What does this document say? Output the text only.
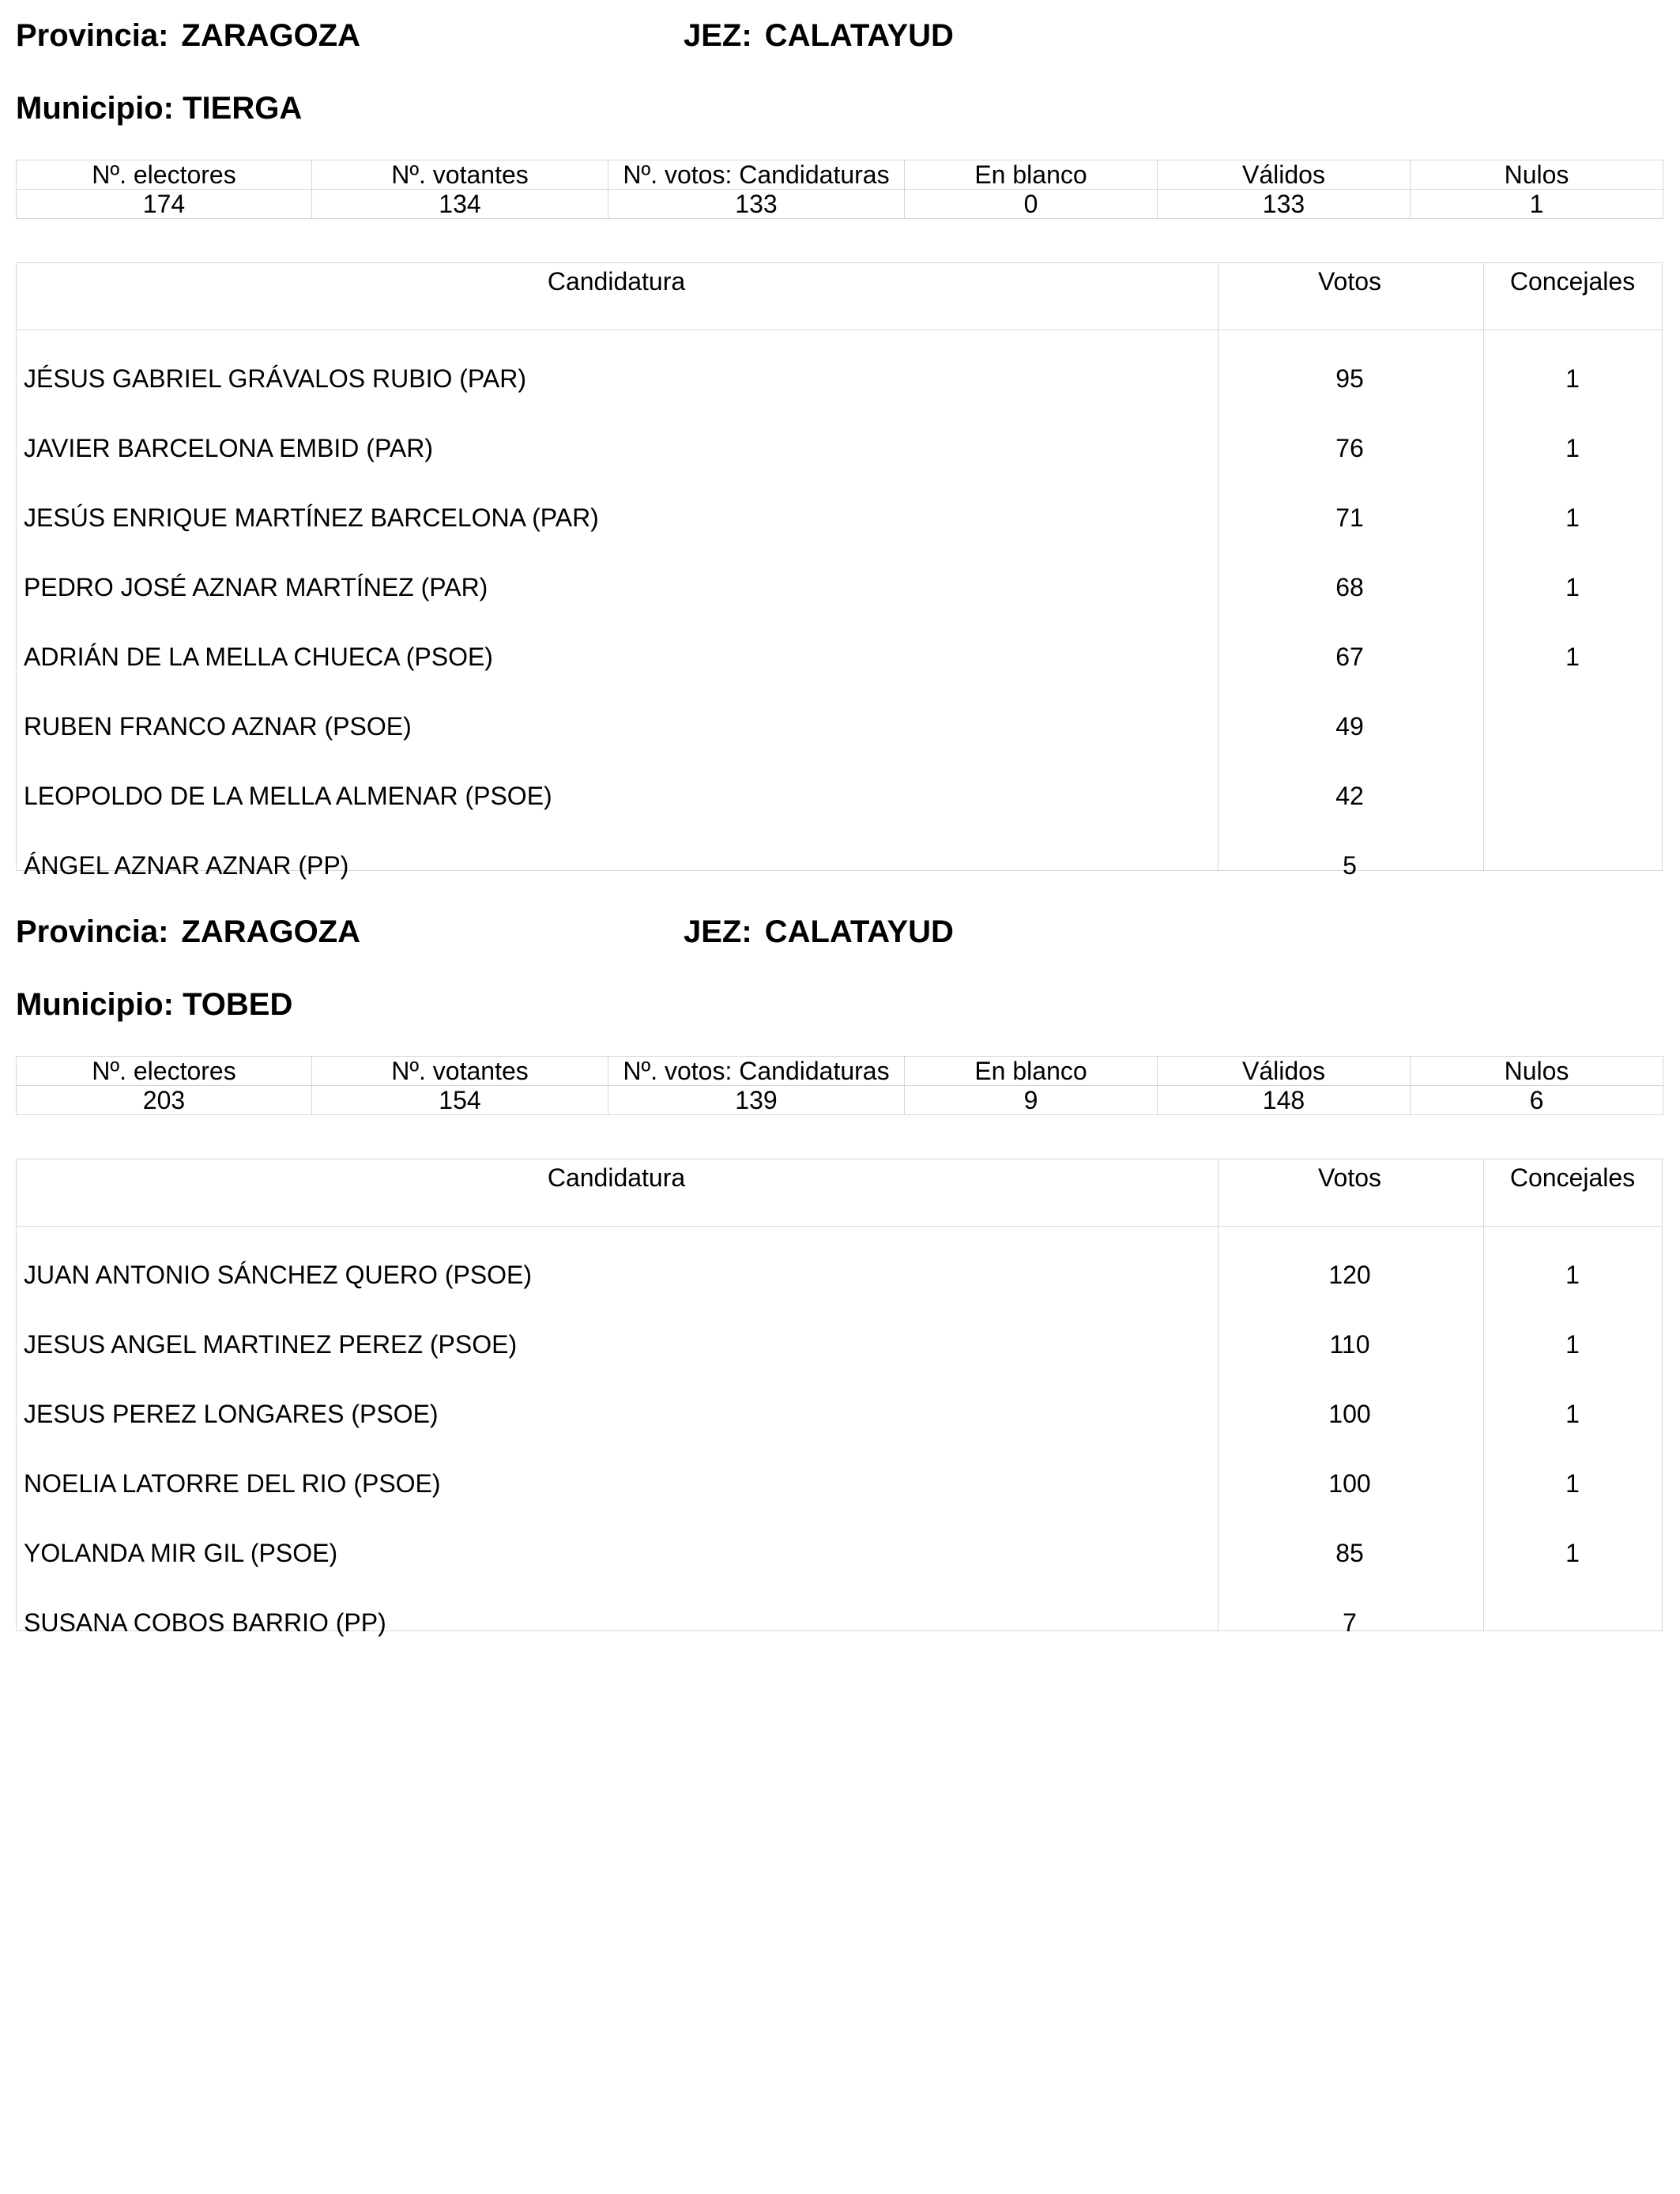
Provincia: ZARAGOZA	JEZ: CALATAYUD
Municipio: TIERGA
Nº. electores	Nº. votantes	Nº. votos: Candidaturas	En blanco	Válidos	Nulos
174	134	133	0	133	1
Candidatura	Votos	Concejales
JÉSUS GABRIEL GRÁVALOS RUBIO (PAR)	95	1
JAVIER BARCELONA EMBID (PAR)	76	1
JESÚS ENRIQUE MARTÍNEZ BARCELONA (PAR)	71	1
PEDRO JOSÉ AZNAR MARTÍNEZ (PAR)	68	1
ADRIÁN DE LA MELLA CHUECA (PSOE)	67	1
RUBEN FRANCO AZNAR (PSOE)	49	
LEOPOLDO DE LA MELLA ALMENAR (PSOE)	42	
ÁNGEL AZNAR AZNAR (PP)	5	
Provincia: ZARAGOZA	JEZ: CALATAYUD
Municipio: TOBED
Nº. electores	Nº. votantes	Nº. votos: Candidaturas	En blanco	Válidos	Nulos
203	154	139	9	148	6
Candidatura	Votos	Concejales
JUAN ANTONIO SÁNCHEZ QUERO (PSOE)	120	1
JESUS ANGEL MARTINEZ PEREZ (PSOE)	110	1
JESUS PEREZ LONGARES (PSOE)	100	1
NOELIA LATORRE DEL RIO (PSOE)	100	1
YOLANDA MIR GIL (PSOE)	85	1
SUSANA COBOS BARRIO (PP)	7	
